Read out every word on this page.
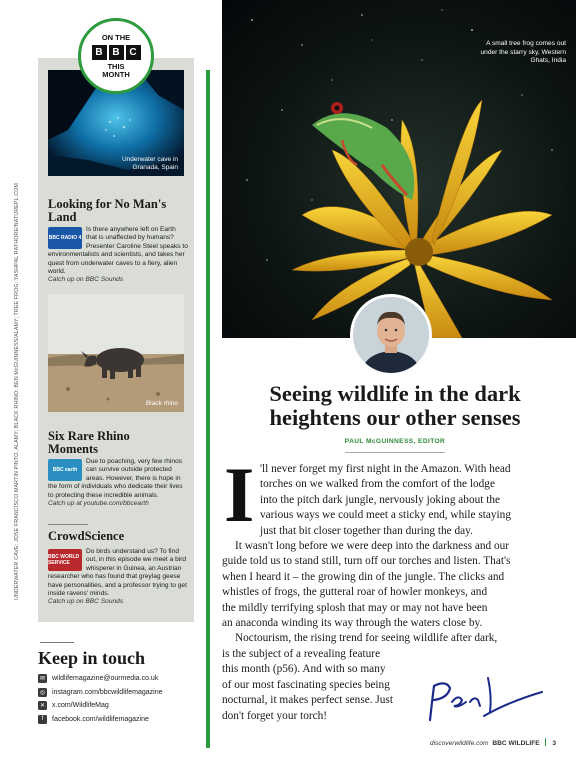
UNDERWATER CAVE: JOSE FRANCISCO MARTIN PINTO, ALAMY; BLACK RHINO: BEN McGUINNESS/ALAMY; TREE FROG: YASHPAL RATHORE/NATUREPL.COM
Underwater cave in Granada, Spain
Looking for No Man's Land
BBC RADIO 4
Is there anywhere left on Earth that is unaffected by humans? Presenter Caroline Steel speaks to environmentalists and scientists, and takes her quest from underwater caves to a fiery, alien world.
Catch up on BBC Sounds
Black rhino
Six Rare Rhino Moments
BBC earth
Due to poaching, very few rhinos can survive outside protected areas. However, there is hope in the form of individuals who dedicate their lives to protecting these incredible animals.
Catch up at youtube.com/bbcearth
CrowdScience
BBC WORLD SERVICE
Do birds understand us? To find out, in this episode we meet a bird whisperer in Guinea, an Austrian researcher who has found that greylag geese have personalities, and a professor trying to get inside ravens' minds.
Catch up on BBC Sounds
ON THE
B B C
THIS MONTH
Keep in touch
✉ wildlifemagazine@ourmedia.co.uk
◎ instagram.com/bbcwildlifemagazine
✕ x.com/WildlifeMag
f	facebook.com/wildlifemagazine
A small tree frog comes out under the starry sky, Western Ghats, India
Seeing wildlife in the dark heightens our other senses
PAUL McGUINNESS, EDITOR
I 'll never forget my first night in the Amazon. With head
torches on we walked from the comfort of the lodge
into the pitch dark jungle, nervously joking about the
various ways we could meet a sticky end, while staying
just that bit closer together than during the day.
It wasn't long before we were deep into the darkness and our
guide told us to stand still, turn off our torches and listen. That's
when I heard it – the growing din of the jungle. The clicks and
whistles of frogs, the gutteral roar of howler monkeys, and
the mildly terrifying splosh that may or may not have been
an anaconda winding its way through the waters close by.
Noctourism, the rising trend for seeing wildlife after dark,
is the subject of a revealing feature
this month (p56). And with so many
of our most fascinating species being
nocturnal, it makes perfect sense. Just
don't forget your torch!
discoverwildlife.com BBC WILDLIFE 3
